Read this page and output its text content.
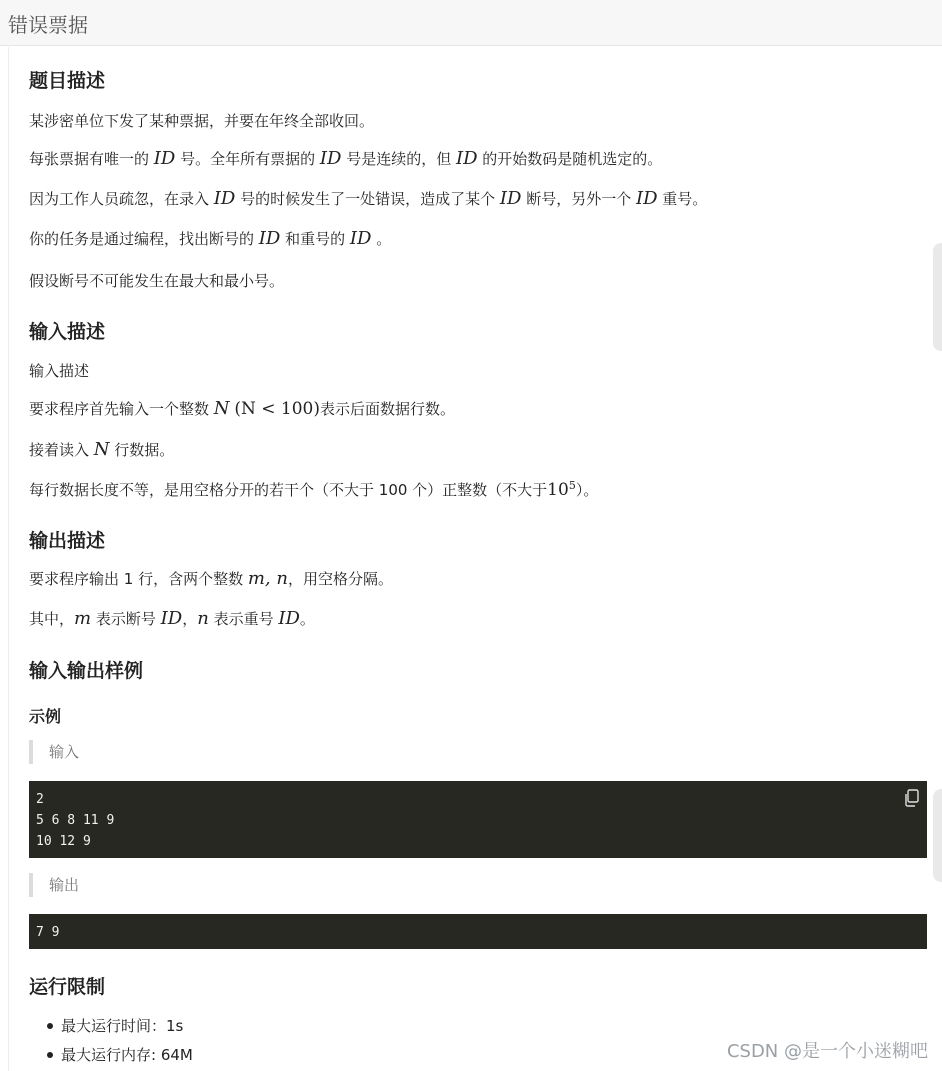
错误票据
题目描述
某涉密单位下发了某种票据，并要在年终全部收回。
每张票据有唯一的 ID 号。全年所有票据的 ID 号是连续的，但 ID 的开始数码是随机选定的。
因为工作人员疏忽，在录入 ID 号的时候发生了一处错误，造成了某个 ID 断号，另外一个 ID 重号。
你的任务是通过编程，找出断号的 ID 和重号的 ID 。
假设断号不可能发生在最大和最小号。
输入描述
输入描述
要求程序首先输入一个整数 N (N < 100)表示后面数据行数。
接着读入 N 行数据。
每行数据长度不等，是用空格分开的若干个（不大于 100 个）正整数（不大于$10^5$）。
输出描述
要求程序输出 1 行，含两个整数 m, n，用空格分隔。
其中，m 表示断号 ID，n 表示重号 ID。
输入输出样例
示例
输入
2
5 6 8 11 9
10 12 9
输出
7 9
运行限制
最大运行时间：1s
最大运行内存: 64M	CSDN @是一个小迷糊吧
